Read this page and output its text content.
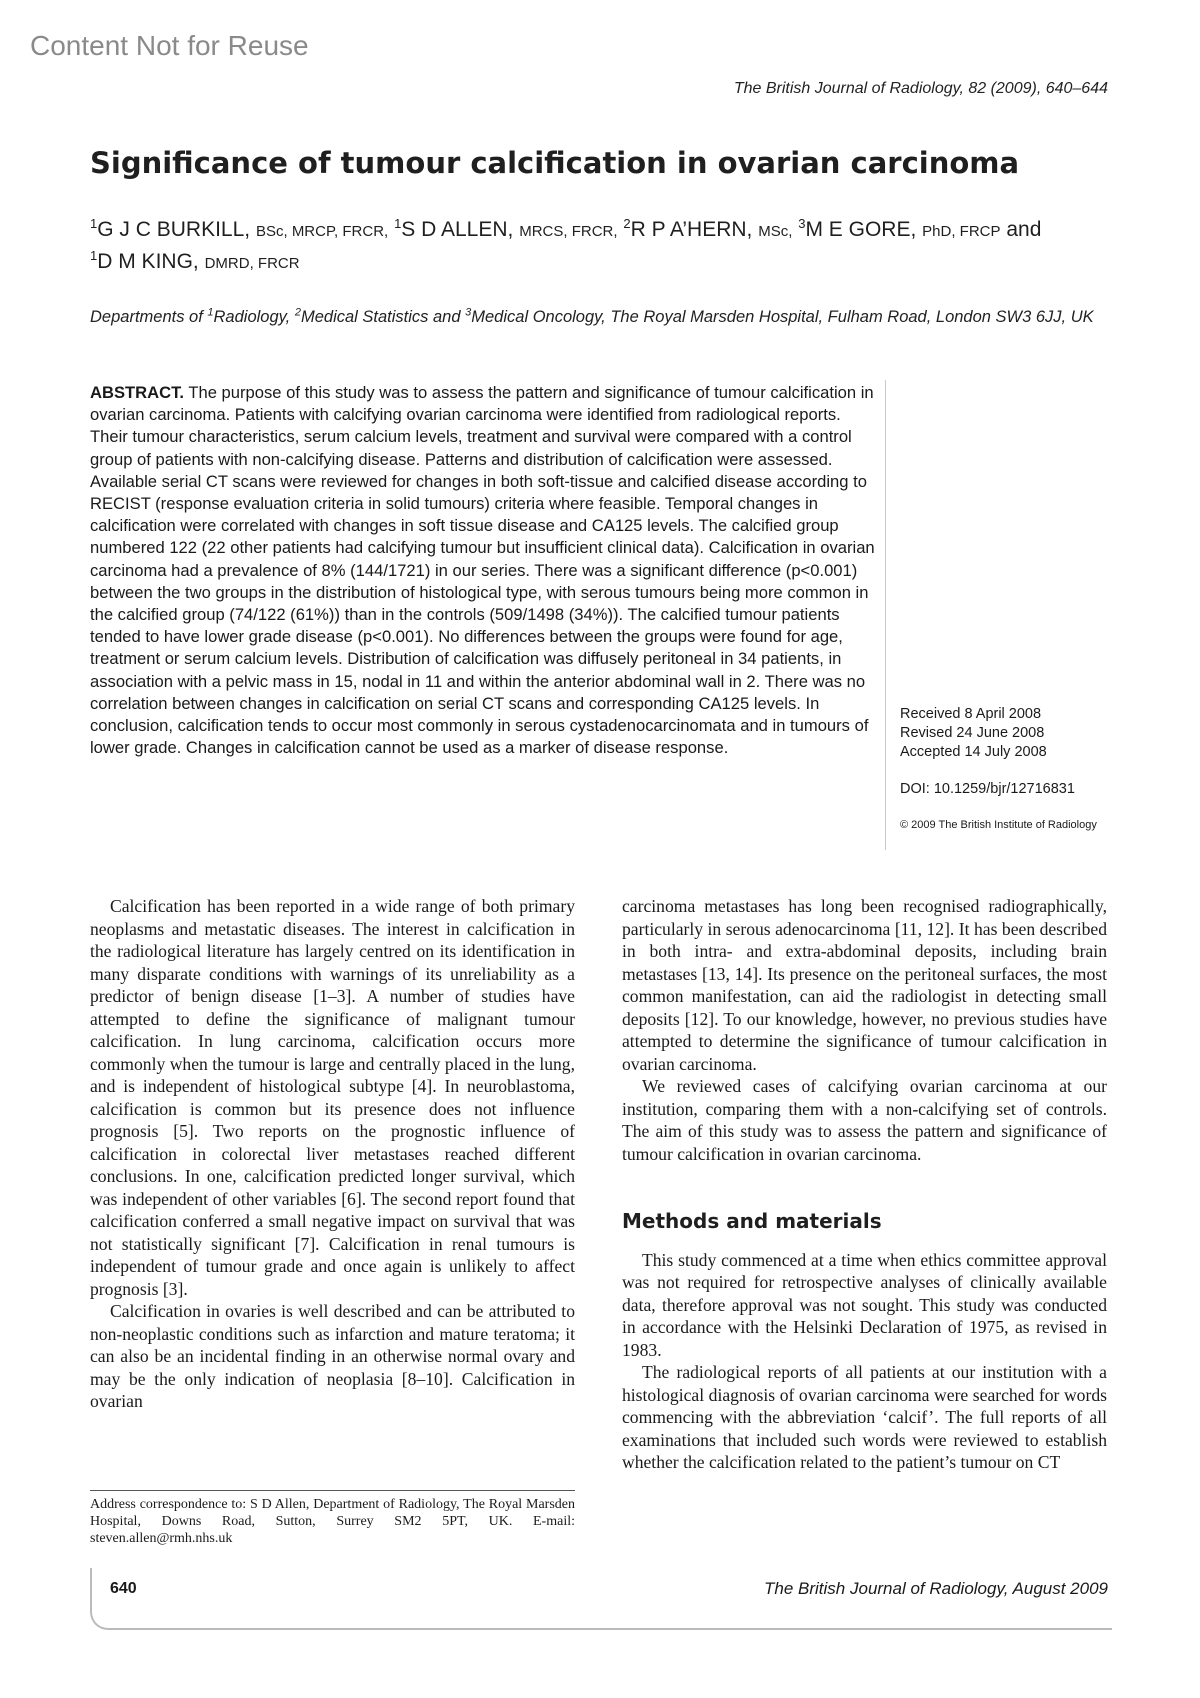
Content Not for Reuse
The British Journal of Radiology, 82 (2009), 640–644
Significance of tumour calcification in ovarian carcinoma
$^1$G J C BURKILL, BSc, MRCP, FRCR, $^1$S D ALLEN, MRCS, FRCR, $^2$R P A’HERN, MSc, $^3$M E GORE, PhD, FRCP and
$^1$D M KING, DMRD, FRCR
Departments of $^1$Radiology, $^2$Medical Statistics and $^3$Medical Oncology, The Royal Marsden Hospital, Fulham Road, London SW3 6JJ, UK
ABSTRACT. The purpose of this study was to assess the pattern and significance of tumour calcification in ovarian carcinoma. Patients with calcifying ovarian carcinoma were identified from radiological reports. Their tumour characteristics, serum calcium levels, treatment and survival were compared with a control group of patients with non-calcifying disease. Patterns and distribution of calcification were assessed. Available serial CT scans were reviewed for changes in both soft-tissue and calcified disease according to RECIST (response evaluation criteria in solid tumours) criteria where feasible. Temporal changes in calcification were correlated with changes in soft tissue disease and CA125 levels. The calcified group numbered 122 (22 other patients had calcifying tumour but insufficient clinical data). Calcification in ovarian carcinoma had a prevalence of 8% (144/1721) in our series. There was a significant difference (p<0.001) between the two groups in the distribution of histological type, with serous tumours being more common in the calcified group (74/122 (61%)) than in the controls (509/1498 (34%)). The calcified tumour patients tended to have lower grade disease (p<0.001). No differences between the groups were found for age, treatment or serum calcium levels. Distribution of calcification was diffusely peritoneal in 34 patients, in association with a pelvic mass in 15, nodal in 11 and within the anterior abdominal wall in 2. There was no correlation between changes in calcification on serial CT scans and corresponding CA125 levels. In conclusion, calcification tends to occur most commonly in serous cystadenocarcinomata and in tumours of lower grade. Changes in calcification cannot be used as a marker of disease response.
Received 8 April 2008
Revised 24 June 2008
Accepted 14 July 2008
DOI: 10.1259/bjr/12716831
© 2009 The British Institute of Radiology

Calcification has been reported in a wide range of both primary neoplasms and metastatic diseases. The interest in calcification in the radiological literature has largely centred on its identification in many disparate conditions with warnings of its unreliability as a predictor of benign disease [1–3]. A number of studies have attempted to define the significance of malignant tumour calcification. In lung carcinoma, calcification occurs more commonly when the tumour is large and centrally placed in the lung, and is independent of histological subtype [4]. In neuroblastoma, calcification is common but its presence does not influence prognosis [5]. Two reports on the prognostic influence of calcification in colorectal liver metastases reached different conclusions. In one, calcification predicted longer survival, which was independent of other variables [6]. The second report found that calcification conferred a small negative impact on survival that was not statistically significant [7]. Calcification in renal tumours is independent of tumour grade and once again is unlikely to affect prognosis [3].

Calcification in ovaries is well described and can be attributed to non-neoplastic conditions such as infarction and mature teratoma; it can also be an incidental finding in an otherwise normal ovary and may be the only indication of neoplasia [8–10]. Calcification in ovarian

carcinoma metastases has long been recognised radiographically, particularly in serous adenocarcinoma [11, 12]. It has been described in both intra- and extra-abdominal deposits, including brain metastases [13, 14]. Its presence on the peritoneal surfaces, the most common manifestation, can aid the radiologist in detecting small deposits [12]. To our knowledge, however, no previous studies have attempted to determine the significance of tumour calcification in ovarian carcinoma.

We reviewed cases of calcifying ovarian carcinoma at our institution, comparing them with a non-calcifying set of controls. The aim of this study was to assess the pattern and significance of tumour calcification in ovarian carcinoma.

Methods and materials

This study commenced at a time when ethics committee approval was not required for retrospective analyses of clinically available data, therefore approval was not sought. This study was conducted in accordance with the Helsinki Declaration of 1975, as revised in 1983.

The radiological reports of all patients at our institution with a histological diagnosis of ovarian carcinoma were searched for words commencing with the abbreviation ‘calcif’. The full reports of all examinations that included such words were reviewed to establish whether the calcification related to the patient’s tumour on CT

Address correspondence to: S D Allen, Department of Radiology, The Royal Marsden Hospital, Downs Road, Sutton, Surrey SM2 5PT, UK. E-mail: steven.allen@rmh.nhs.uk
640	The British Journal of Radiology, August 2009
